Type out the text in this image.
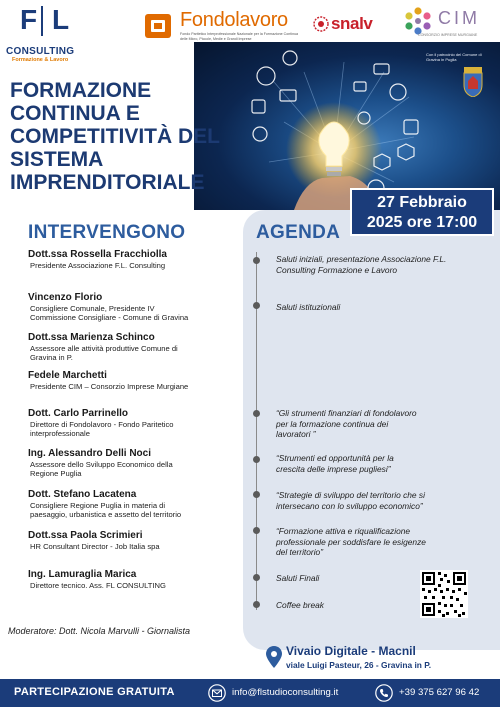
F L
CONSULTING
Formazione & Lavoro
Fondolavoro
Fondo Paritetico Interprofessionale Nazionale per la Formazione Continua delle Micro, Piccole, Medie e Grandi Imprese
snalv	CIM
CONSORZIO IMPRESE MURGIANE
Con il patrocinio del Comune di Gravina in Puglia
FORMAZIONE
CONTINUA E
COMPETITIVITÀ DEL
SISTEMA
IMPRENDITORIALE
27 Febbraio
2025 ore 17:00
INTERVENGONO	AGENDA
Dott.ssa Rossella Fracchiolla
Presidente Associazione F.L. Consulting
Vincenzo Florio
Consigliere Comunale, Presidente IV
Commissione Consigliare - Comune di Gravina
Dott.ssa Marienza Schinco
Assessore alle attività produttive Comune di
Gravina in P.
Fedele Marchetti
Presidente CIM – Consorzio Imprese Murgiane
Dott. Carlo Parrinello
Direttore di Fondolavoro - Fondo Paritetico
interprofessionale
Ing. Alessandro Delli Noci
Assessore dello Sviluppo Economico della
Regione Puglia
Dott. Stefano Lacatena
Consigliere Regione Puglia in materia di
paesaggio, urbanistica e assetto del territorio
Dott.ssa Paola Scrimieri
HR Consultant Director - Job Italia spa
Ing. Lamuraglia Marica
Direttore tecnico. Ass. FL CONSULTING
Saluti iniziali, presentazione Associazione F.L.
Consulting Formazione e Lavoro
Saluti istituzionali
“Gli strumenti finanziari di fondolavoro
per la formazione continua dei
lavoratori ”
“Strumenti ed opportunità per la
crescita delle imprese pugliesi”
“Strategie di sviluppo del territorio che si
intersecano con lo sviluppo economico”
“Formazione attiva e riqualificazione
professionale per soddisfare le esigenze
del territorio”
Saluti Finali
Coffee break
Moderatore: Dott. Nicola Marvulli - Giornalista
Vivaio Digitale - Macnil
viale Luigi Pasteur, 26 - Gravina in P.
PARTECIPAZIONE GRATUITA	info@flstudioconsulting.it	+39 375 627 96 42
